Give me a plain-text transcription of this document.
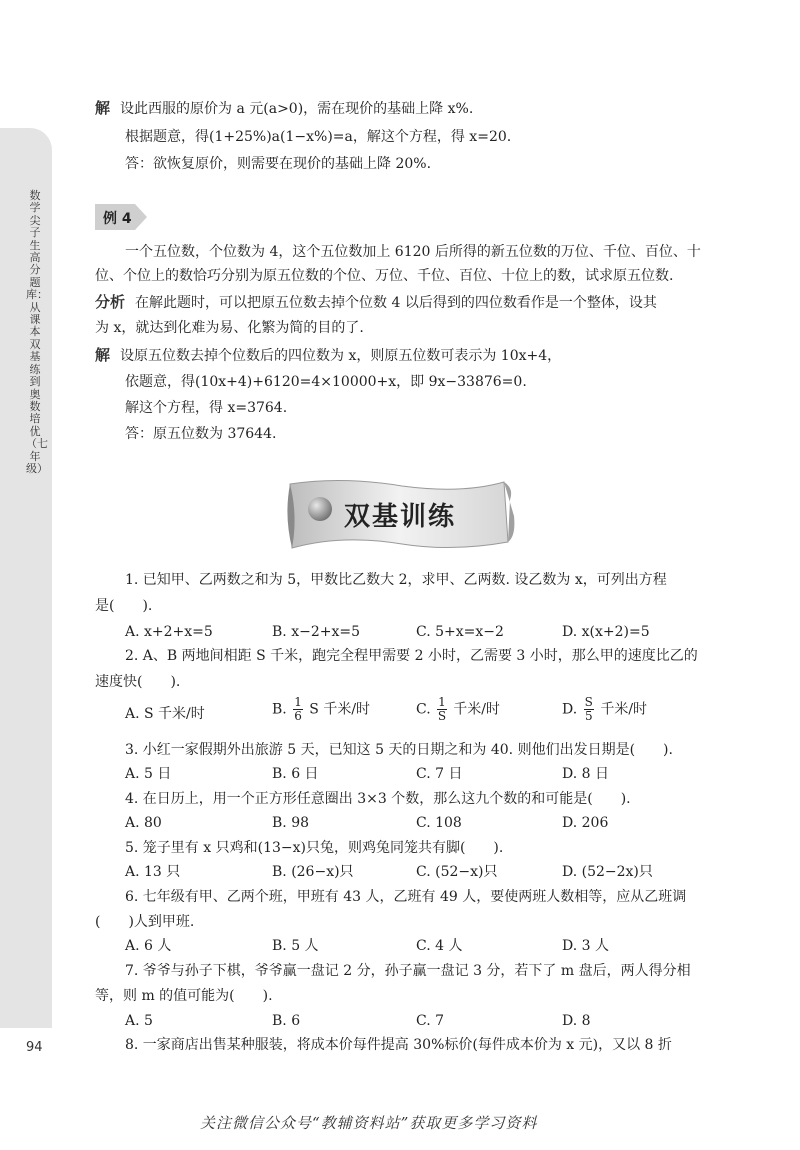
数学尖子生高分题库：从课本双基练到奥数培优（七年级）
94
解 设此西服的原价为 a 元(a>0)，需在现价的基础上降 x%.
根据题意，得(1+25%)a(1−x%)=a，解这个方程，得 x=20.
答：欲恢复原价，则需要在现价的基础上降 20%.
例 4
一个五位数，个位数为 4，这个五位数加上 6120 后所得的新五位数的万位、千位、百位、十
位、个位上的数恰巧分别为原五位数的个位、万位、千位、百位、十位上的数，试求原五位数.
分析 在解此题时，可以把原五位数去掉个位数 4 以后得到的四位数看作是一个整体，设其
为 x，就达到化难为易、化繁为简的目的了.
解 设原五位数去掉个位数后的四位数为 x，则原五位数可表示为 10x+4，
依题意，得(10x+4)+6120=4×10000+x，即 9x−33876=0.
解这个方程，得 x=3764.
答：原五位数为 37644.
双基训练
1. 已知甲、乙两数之和为 5，甲数比乙数大 2，求甲、乙两数. 设乙数为 x，可列出方程
是(　　).
A. x+2+x=5	B. x−2+x=5	C. 5+x=x−2	D. x(x+2)=5
2. A、B 两地间相距 S 千米，跑完全程甲需要 2 小时，乙需要 3 小时，那么甲的速度比乙的
速度快(　　).
A. S 千米/时	B. $\frac{1}{6}$ S 千米/时	C. $\frac{1}{S}$ 千米/时	D. $\frac{S}{5}$ 千米/时
3. 小红一家假期外出旅游 5 天，已知这 5 天的日期之和为 40. 则他们出发日期是(　　).
A. 5 日	B. 6 日	C. 7 日	D. 8 日
4. 在日历上，用一个正方形任意圈出 3×3 个数，那么这九个数的和可能是(　　).
A. 80	B. 98	C. 108	D. 206
5. 笼子里有 x 只鸡和(13−x)只兔，则鸡兔同笼共有脚(　　).
A. 13 只	B. (26−x)只	C. (52−x)只	D. (52−2x)只
6. 七年级有甲、乙两个班，甲班有 43 人，乙班有 49 人，要使两班人数相等，应从乙班调
(　　)人到甲班.
A. 6 人	B. 5 人	C. 4 人	D. 3 人
7. 爷爷与孙子下棋，爷爷赢一盘记 2 分，孙子赢一盘记 3 分，若下了 m 盘后，两人得分相
等，则 m 的值可能为(　　).
A. 5	B. 6	C. 7	D. 8
8. 一家商店出售某种服装，将成本价每件提高 30%标价(每件成本价为 x 元)，又以 8 折
关注微信公众号“教辅资料站”获取更多学习资料
